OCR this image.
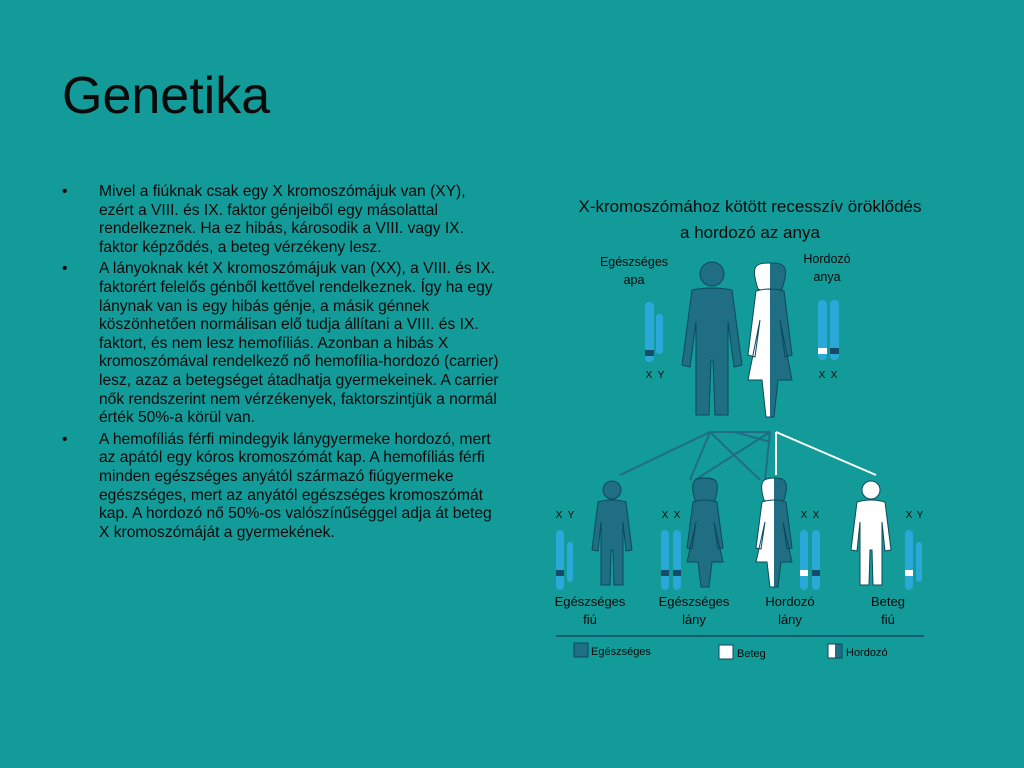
Genetika
• Mivel a fiúknak csak egy X kromoszómájuk van (XY), ezért a VIII. és IX. faktor génjeiből egy másolattal rendelkeznek. Ha ez hibás, károsodik a VIII. vagy IX. faktor képződés, a beteg vérzékeny lesz.
• A lányoknak két X kromoszómájuk van (XX), a VIII. és IX. faktorért felelős génből kettővel rendelkeznek. Így ha egy lánynak van is egy hibás génje, a másik génnek köszönhetően normálisan elő tudja állítani a VIII. és IX. faktort, és nem lesz hemofíliás. Azonban a hibás X kromoszómával rendelkező nő hemofília-hordozó (carrier) lesz, azaz a betegséget átadhatja gyermekeinek. A carrier nők rendszerint nem vérzékenyek, faktorszintjük a normál érték 50%-a körül van.
• A hemofíliás férfi mindegyik lánygyermeke hordozó, mert az apától egy kóros kromoszómát kap. A hemofíliás férfi minden egészséges anyától származó fiúgyermeke egészséges, mert az anyától egészséges kromoszómát kap. A hordozó nő 50%-os valószínűséggel adja át beteg X kromoszómáját a gyermekének.
X-kromoszómához kötött recesszív öröklődés
a hordozó az anya
Egészséges
apa
Hordozó
anya
X Y	X X
X Y	X X	X X	X Y
Egészséges
fiú
Egészséges
lány
Hordozó
lány
Beteg
fiú
Egészséges	Beteg	Hordozó
